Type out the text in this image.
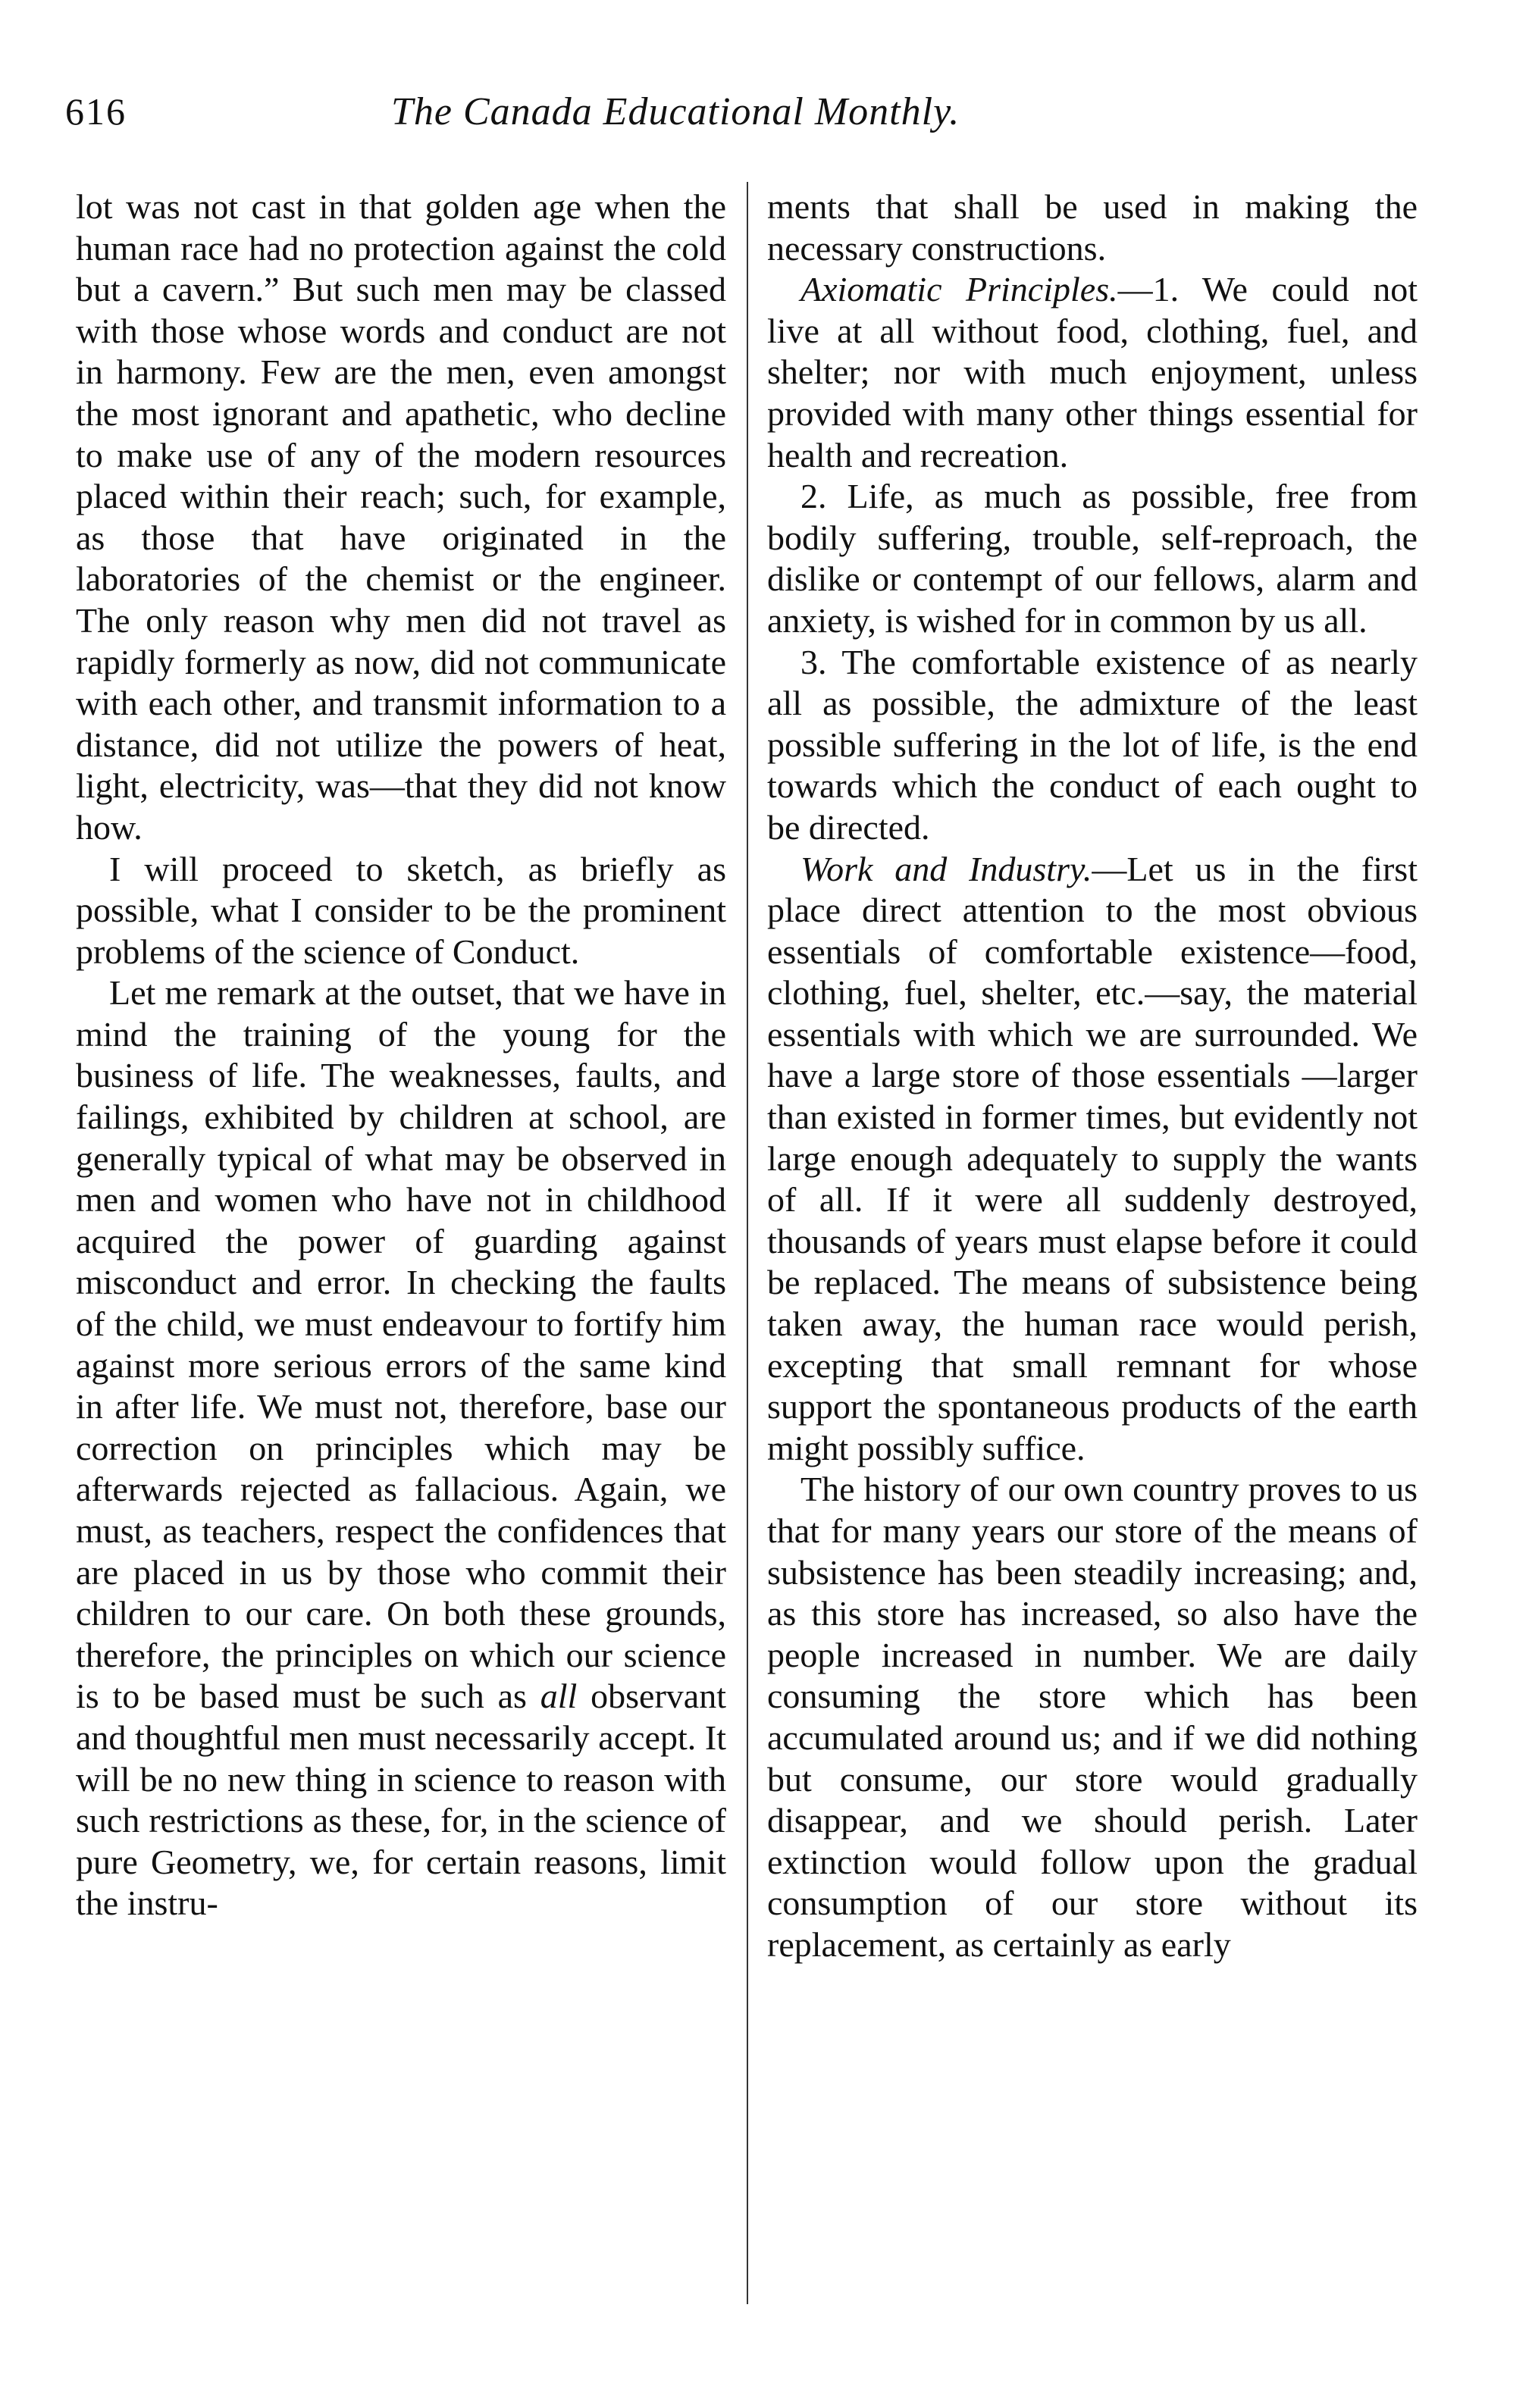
616	The Canada Educational Monthly.

lot was not cast in that golden age when the human race had no protection against the cold but a cavern.” But such men may be classed with those whose words and conduct are not in harmony. Few are the men, even amongst the most ignorant and apathetic, who decline to make use of any of the modern resources placed within their reach; such, for example, as those that have originated in the laboratories of the chemist or the engineer. The only reason why men did not travel as rapidly formerly as now, did not communicate with each other, and transmit information to a distance, did not utilize the powers of heat, light, electricity, was—that they did not know how.

I will proceed to sketch, as briefly as possible, what I consider to be the prominent problems of the science of Conduct.

Let me remark at the outset, that we have in mind the training of the young for the business of life. The weaknesses, faults, and failings, exhibited by children at school, are generally typical of what may be observed in men and women who have not in childhood acquired the power of guarding against misconduct and error. In checking the faults of the child, we must endeavour to fortify him against more serious errors of the same kind in after life. We must not, therefore, base our correction on principles which may be afterwards rejected as fallacious. Again, we must, as teachers, respect the confidences that are placed in us by those who commit their children to our care. On both these grounds, therefore, the principles on which our science is to be based must be such as all observant and thoughtful men must necessarily accept. It will be no new thing in science to reason with such restrictions as these, for, in the science of pure Geometry, we, for certain reasons, limit the instru-

ments that shall be used in making the necessary constructions.

Axiomatic Principles.—1. We could not live at all without food, clothing, fuel, and shelter; nor with much enjoyment, unless provided with many other things essential for health and recreation.

2. Life, as much as possible, free from bodily suffering, trouble, self-reproach, the dislike or contempt of our fellows, alarm and anxiety, is wished for in common by us all.

3. The comfortable existence of as nearly all as possible, the admixture of the least possible suffering in the lot of life, is the end towards which the conduct of each ought to be directed.

Work and Industry.—Let us in the first place direct attention to the most obvious essentials of comfortable existence—food, clothing, fuel, shelter, etc.—say, the material essentials with which we are surrounded. We have a large store of those essentials —larger than existed in former times, but evidently not large enough adequately to supply the wants of all. If it were all suddenly destroyed, thousands of years must elapse before it could be replaced. The means of subsistence being taken away, the human race would perish, excepting that small remnant for whose support the spontaneous products of the earth might possibly suffice.

The history of our own country proves to us that for many years our store of the means of subsistence has been steadily increasing; and, as this store has increased, so also have the people increased in number. We are daily consuming the store which has been accumulated around us; and if we did nothing but consume, our store would gradually disappear, and we should perish. Later extinction would follow upon the gradual consumption of our store without its replacement, as certainly as early
